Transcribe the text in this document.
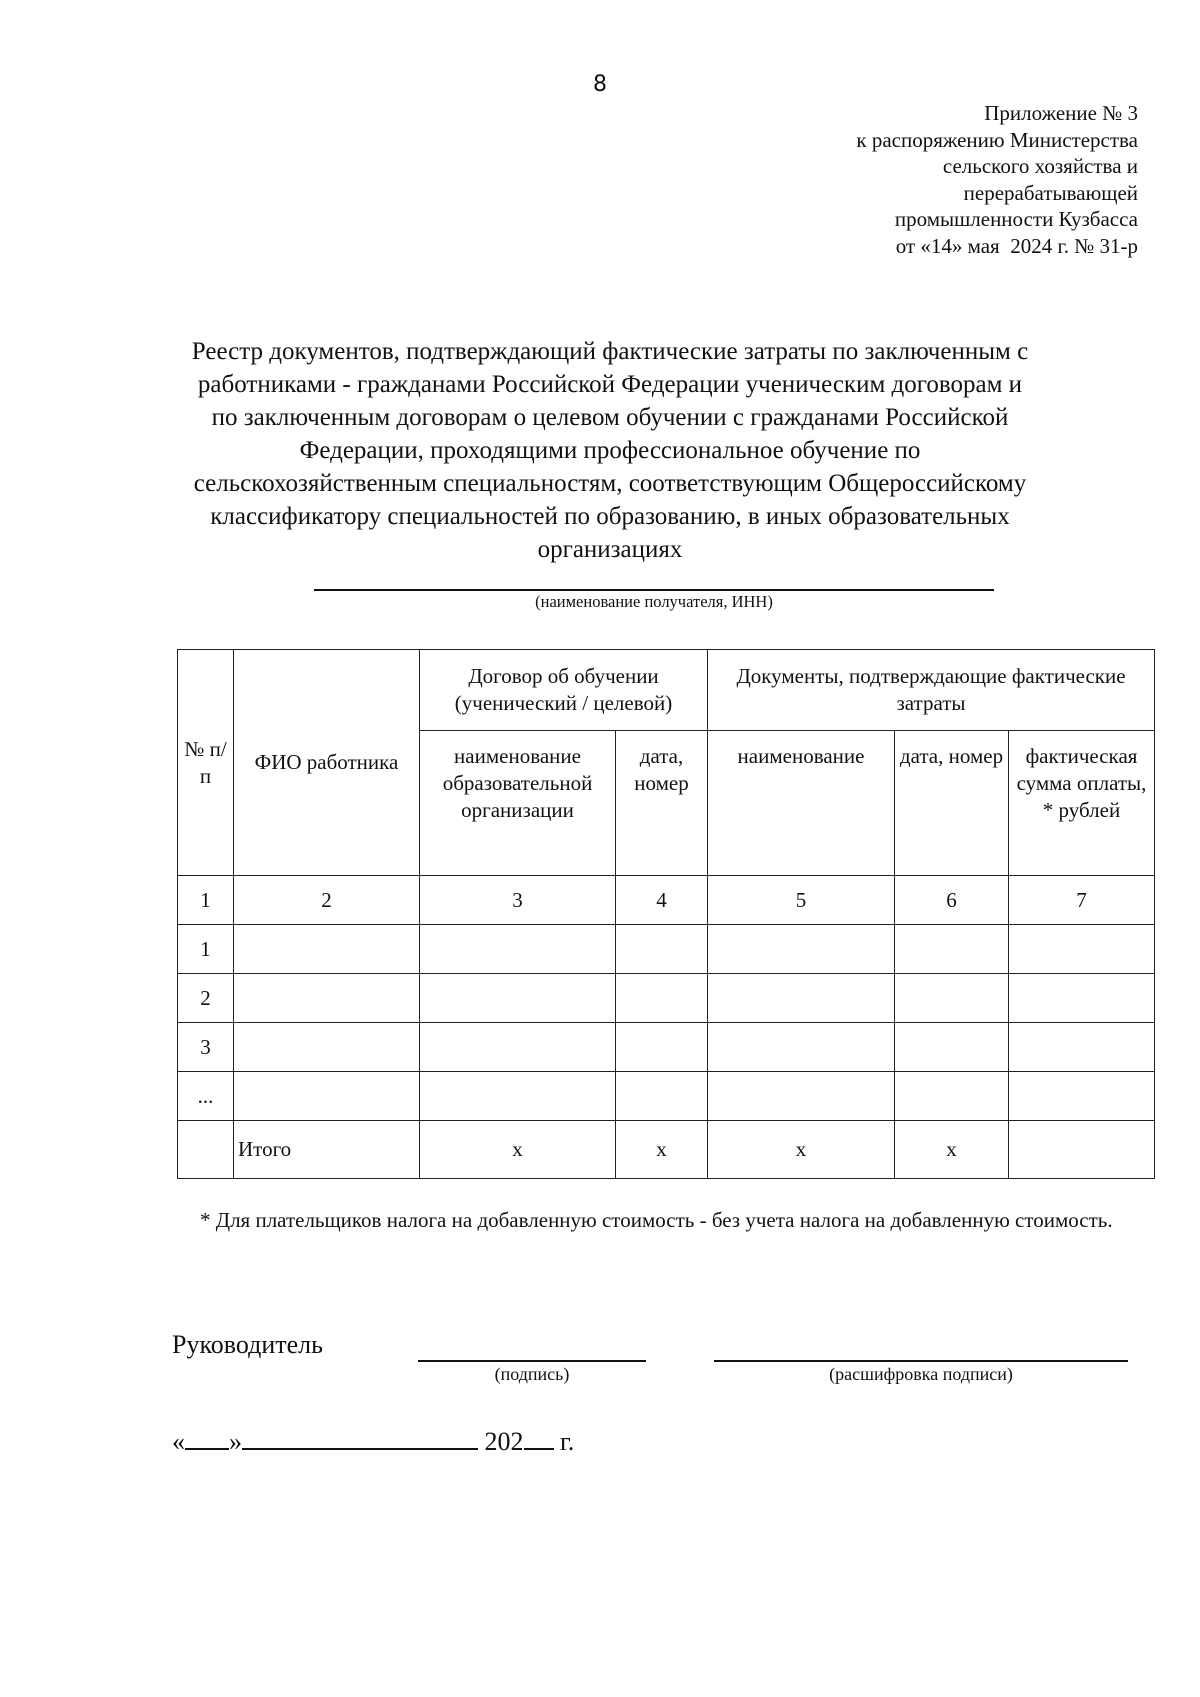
8
Приложение № 3
к распоряжению Министерства
сельского хозяйства и
перерабатывающей
промышленности Кузбасса
от «14» мая  2024 г. № 31-р
Реестр документов, подтверждающий фактические затраты по заключенным с
работниками - гражданами Российской Федерации ученическим договорам и
по заключенным договорам о целевом обучении с гражданами Российской
Федерации, проходящими профессиональное обучение по
сельскохозяйственным специальностям, соответствующим Общероссийскому
классификатору специальностей по образованию, в иных образовательных
организациях
(наименование получателя, ИНН)
№ п/п	ФИО работника	Договор об обучении (ученический / целевой)		Документы, подтверждающие фактические затраты		
		наименование образовательной организации	дата, номер	наименование	дата, номер	фактическая сумма оплаты, * рублей
1	2	3	4	5	6	7
1						
2						
3						
...						
	Итого	х	х	х	х	
* Для плательщиков налога на добавленную стоимость - без учета налога на добавленную стоимость.
Руководитель
(подпись)	(расшифровка подписи)
« »	202 г.
